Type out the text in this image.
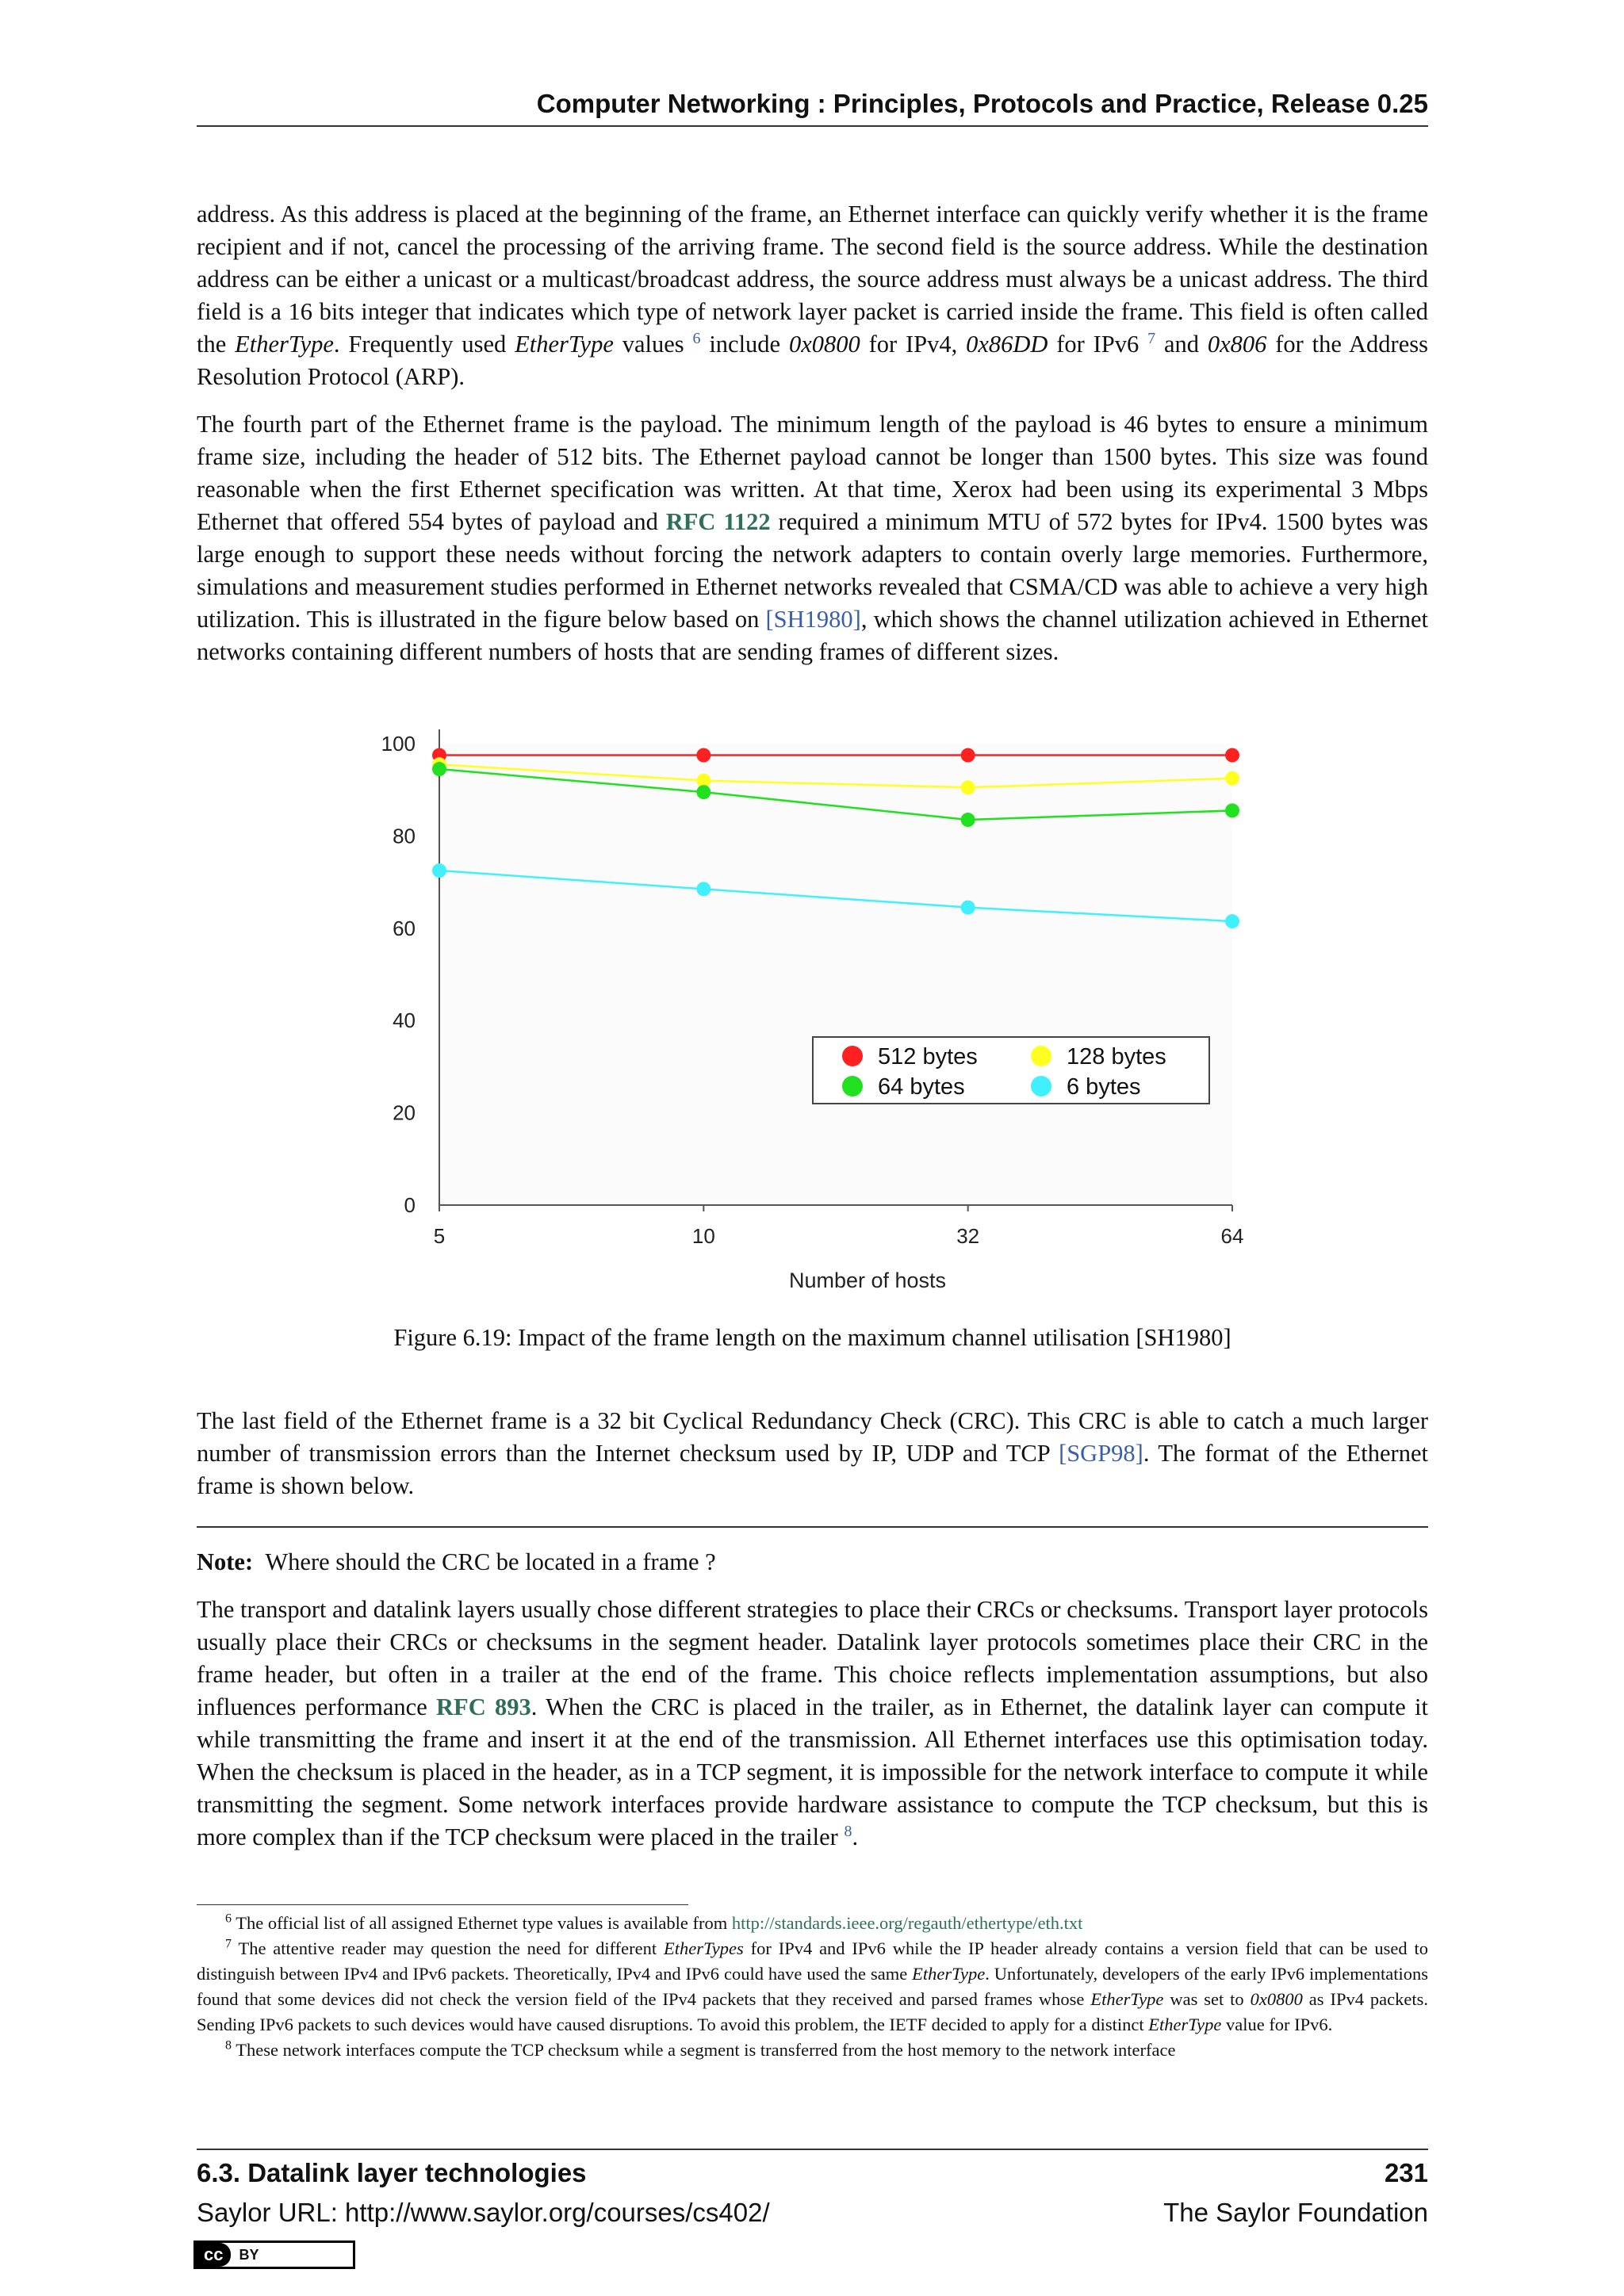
Computer Networking : Principles, Protocols and Practice, Release 0.25

address. As this address is placed at the beginning of the frame, an Ethernet interface can quickly verify whether it is the frame recipient and if not, cancel the processing of the arriving frame. The second field is the source address. While the destination address can be either a unicast or a multicast/broadcast address, the source address must always be a unicast address. The third field is a 16 bits integer that indicates which type of network layer packet is carried inside the frame. This field is often called the EtherType. Frequently used EtherType values $^6$ include 0x0800 for IPv4, 0x86DD for IPv6 $^7$ and 0x806 for the Address Resolution Protocol (ARP).

The fourth part of the Ethernet frame is the payload. The minimum length of the payload is 46 bytes to ensure a minimum frame size, including the header of 512 bits. The Ethernet payload cannot be longer than 1500 bytes. This size was found reasonable when the first Ethernet specification was written. At that time, Xerox had been using its experimental 3 Mbps Ethernet that offered 554 bytes of payload and RFC 1122 required a minimum MTU of 572 bytes for IPv4. 1500 bytes was large enough to support these needs without forcing the network adapters to contain overly large memories. Furthermore, simulations and measurement studies performed in Ethernet networks revealed that CSMA/CD was able to achieve a very high utilization. This is illustrated in the figure below based on [SH1980], which shows the channel utilization achieved in Ethernet networks containing different numbers of hosts that are sending frames of different sizes.

0
20
40
60
80
100
5	10	32	64
Number of hosts
512 bytes	128 bytes
64 bytes	6 bytes
Figure 6.19: Impact of the frame length on the maximum channel utilisation [SH1980]

The last field of the Ethernet frame is a 32 bit Cyclical Redundancy Check (CRC). This CRC is able to catch a much larger number of transmission errors than the Internet checksum used by IP, UDP and TCP [SGP98]. The format of the Ethernet frame is shown below.

Note: Where should the CRC be located in a frame ?

The transport and datalink layers usually chose different strategies to place their CRCs or checksums. Transport layer protocols usually place their CRCs or checksums in the segment header. Datalink layer protocols sometimes place their CRC in the frame header, but often in a trailer at the end of the frame. This choice reflects implementation assumptions, but also influences performance RFC 893. When the CRC is placed in the trailer, as in Ethernet, the datalink layer can compute it while transmitting the frame and insert it at the end of the transmission. All Ethernet interfaces use this optimisation today. When the checksum is placed in the header, as in a TCP segment, it is impossible for the network interface to compute it while transmitting the segment. Some network interfaces provide hardware assistance to compute the TCP checksum, but this is more complex than if the TCP checksum were placed in the trailer $^8$.

$^6$ The official list of all assigned Ethernet type values is available from http://standards.ieee.org/regauth/ethertype/eth.txt

$^7$ The attentive reader may question the need for different EtherTypes for IPv4 and IPv6 while the IP header already contains a version field that can be used to distinguish between IPv4 and IPv6 packets. Theoretically, IPv4 and IPv6 could have used the same EtherType. Unfortunately, developers of the early IPv6 implementations found that some devices did not check the version field of the IPv4 packets that they received and parsed frames whose EtherType was set to 0x0800 as IPv4 packets. Sending IPv6 packets to such devices would have caused disruptions. To avoid this problem, the IETF decided to apply for a distinct EtherType value for IPv6.

$^8$ These network interfaces compute the TCP checksum while a segment is transferred from the host memory to the network interface

6.3. Datalink layer technologies	231
Saylor URL: http://www.saylor.org/courses/cs402/	The Saylor Foundation
cc	BY
